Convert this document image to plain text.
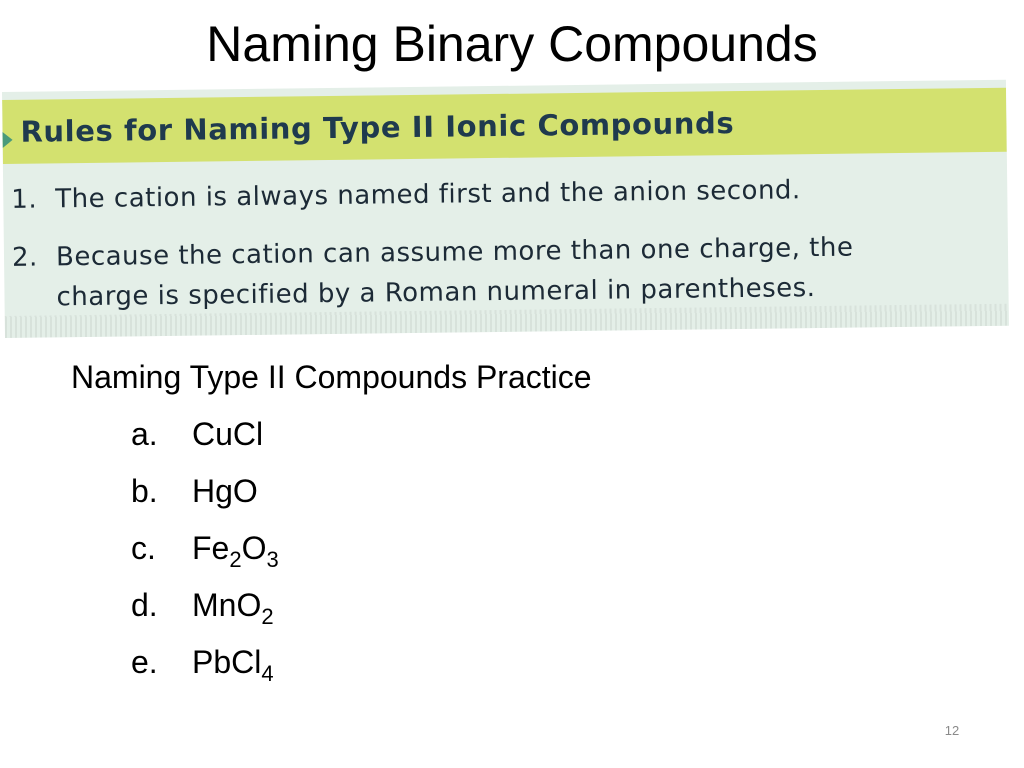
Naming Binary Compounds
Rules for Naming Type II Ionic Compounds
1. The cation is always named first and the anion second.
2. Because the cation can assume more than one charge, the
charge is specified by a Roman numeral in parentheses.

Naming Type II Compounds Practice

a. CuCl
b. HgO
c. $Fe_2O_3$
d. MnO$_2$
e. PbCl$_4$
12
